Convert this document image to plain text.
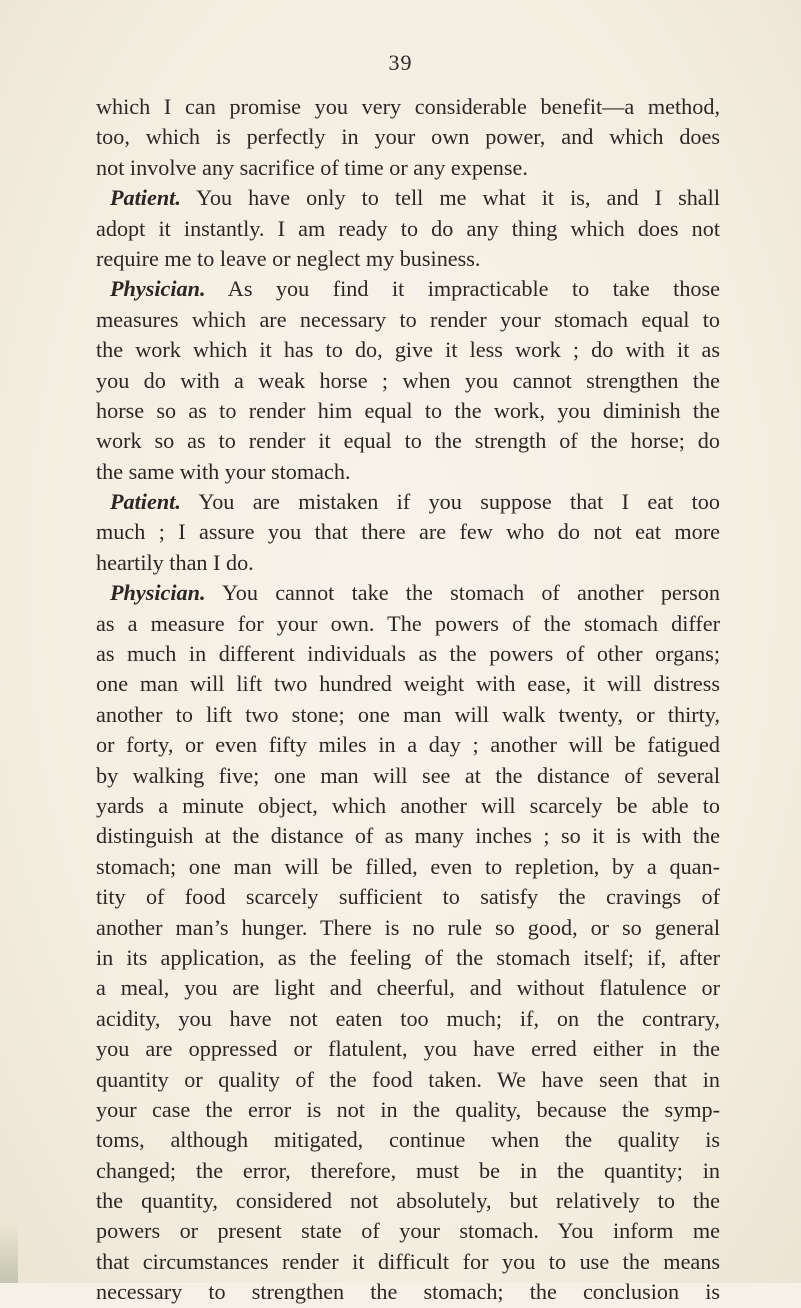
39
which I can promise you very considerable benefit—a method,
too, which is perfectly in your own power, and which does
not involve any sacrifice of time or any expense.
Patient. You have only to tell me what it is, and I shall
adopt it instantly. I am ready to do any thing which does not
require me to leave or neglect my business.
Physician. As you find it impracticable to take those
measures which are necessary to render your stomach equal to
the work which it has to do, give it less work ; do with it as
you do with a weak horse ; when you cannot strengthen the
horse so as to render him equal to the work, you diminish the
work so as to render it equal to the strength of the horse; do
the same with your stomach.
Patient. You are mistaken if you suppose that I eat too
much ; I assure you that there are few who do not eat more
heartily than I do.
Physician. You cannot take the stomach of another person
as a measure for your own. The powers of the stomach differ
as much in different individuals as the powers of other organs;
one man will lift two hundred weight with ease, it will distress
another to lift two stone; one man will walk twenty, or thirty,
or forty, or even fifty miles in a day ; another will be fatigued
by walking five; one man will see at the distance of several
yards a minute object, which another will scarcely be able to
distinguish at the distance of as many inches ; so it is with the
stomach; one man will be filled, even to repletion, by a quan-
tity of food scarcely sufficient to satisfy the cravings of
another man’s hunger. There is no rule so good, or so general
in its application, as the feeling of the stomach itself; if, after
a meal, you are light and cheerful, and without flatulence or
acidity, you have not eaten too much; if, on the contrary,
you are oppressed or flatulent, you have erred either in the
quantity or quality of the food taken. We have seen that in
your case the error is not in the quality, because the symp-
toms, although mitigated, continue when the quality is
changed; the error, therefore, must be in the quantity; in
the quantity, considered not absolutely, but relatively to the
powers or present state of your stomach. You inform me
that circumstances render it difficult for you to use the means
necessary to strengthen the stomach; the conclusion is
